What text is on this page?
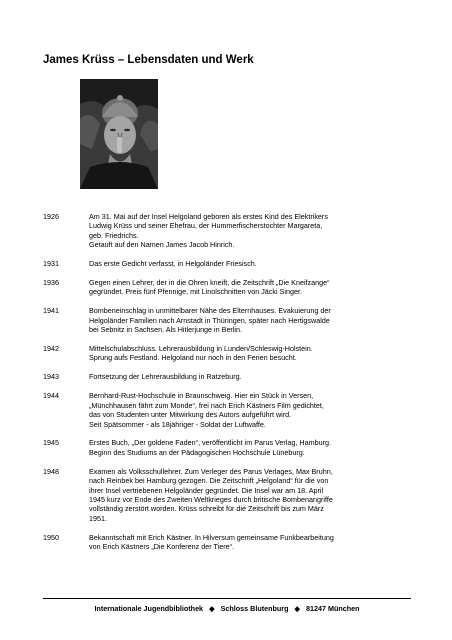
James Krüss – Lebensdaten und Werk
1926	Am 31. Mai auf der Insel Helgoland geboren als erstes Kind des Elektrikers
Ludwig Krüss und seiner Ehefrau, der Hummerfischerstochter Margareta,
geb. Friedrichs.
Getauft auf den Namen James Jacob Hinrich.
1931	Das erste Gedicht verfasst, in Helgoländer Friesisch.
1936	Gegen einen Lehrer, der in die Ohren kneift, die Zeitschrift „Die Kneifzange“
gegründet. Preis fünf Pfennige, mit Linolschnitten von Jäcki Singer.
1941	Bombeneinschlag in unmittelbarer Nähe des Elternhauses. Evakuierung der
Helgoländer Familien nach Arnstadt in Thüringen, später nach Hertigswalde
bei Sebnitz in Sachsen. Als Hitlerjunge in Berlin.
1942	Mittelschulabschluss. Lehrerausbildung in Lunden/Schleswig-Holstein.
Sprung aufs Festland. Helgoland nur noch in den Ferien besucht.
1943	Fortsetzung der Lehrerausbildung in Ratzeburg.
1944	Bernhard-Rust-Hochschule in Braunschweig. Hier ein Stück in Versen,
„Münchhausen fährt zum Monde“, frei nach Erich Kästners Film gedichtet,
das von Studenten unter Mitwirkung des Autors aufgeführt wird.
Seit Spätsommer - als 18jähriger - Soldat der Luftwaffe.
1945	Erstes Buch, „Der goldene Faden“, veröffentlicht im Parus Verlag, Hamburg.
Beginn des Studiums an der Pädagogischen Hochschule Lüneburg.
1948	Examen als Volksschullehrer. Zum Verleger des Parus Verlages, Max Bruhn,
nach Reinbek bei Hamburg gezogen. Die Zeitschrift „Helgoland“ für die von
ihrer Insel vertriebenen Helgoländer gegründet. Die Insel war am 18. April
1945 kurz vor Ende des Zweiten Weltkrieges durch britische Bombenangriffe
vollständig zerstört worden. Krüss schreibt für die Zeitschrift bis zum März
1951.
1950	Bekanntschaft mit Erich Kästner. In Hilversum gemeinsame Funkbearbeitung
von Erich Kästners „Die Konferenz der Tiere“.
Internationale Jugendbibliothek ◆ Schloss Blutenburg ◆ 81247 München
